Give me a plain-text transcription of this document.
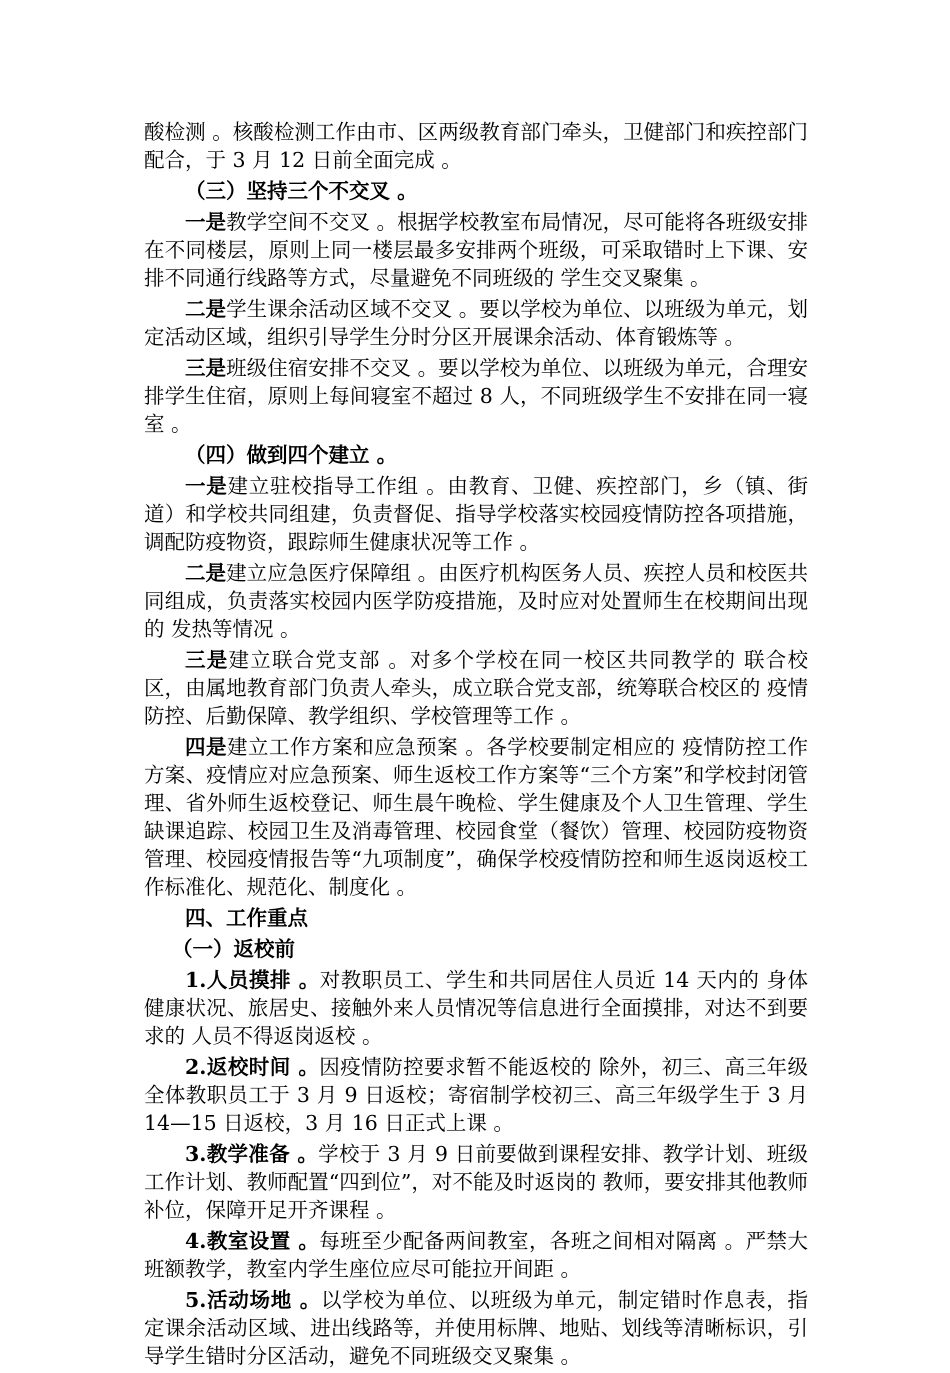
酸检测 。核酸检测工作由市、区两级教育部门牵头，卫健部门和疾控部门配合，于 3 月 12 日前全面完成 。

（三）坚持三个不交叉 。

一是教学空间不交叉 。根据学校教室布局情况，尽可能将各班级安排在不同楼层，原则上同一楼层最多安排两个班级，可采取错时上下课、安排不同通行线路等方式，尽量避免不同班级的 学生交叉聚集 。

二是学生课余活动区域不交叉 。要以学校为单位、以班级为单元，划定活动区域，组织引导学生分时分区开展课余活动、体育锻炼等 。

三是班级住宿安排不交叉 。要以学校为单位、以班级为单元，合理安排学生住宿，原则上每间寝室不超过 8 人，不同班级学生不安排在同一寝室 。

（四）做到四个建立 。

一是建立驻校指导工作组 。由教育、卫健、疾控部门，乡（镇、街道）和学校共同组建，负责督促、指导学校落实校园疫情防控各项措施，调配防疫物资，跟踪师生健康状况等工作 。

二是建立应急医疗保障组 。由医疗机构医务人员、疾控人员和校医共同组成，负责落实校园内医学防疫措施，及时应对处置师生在校期间出现的 发热等情况 。

三是建立联合党支部 。对多个学校在同一校区共同教学的 联合校区，由属地教育部门负责人牵头，成立联合党支部，统筹联合校区的 疫情防控、后勤保障、教学组织、学校管理等工作 。

四是建立工作方案和应急预案 。各学校要制定相应的 疫情防控工作方案、疫情应对应急预案、师生返校工作方案等“三个方案”和学校封闭管理、省外师生返校登记、师生晨午晚检、学生健康及个人卫生管理、学生缺课追踪、校园卫生及消毒管理、校园食堂（餐饮）管理、校园防疫物资管理、校园疫情报告等“九项制度”，确保学校疫情防控和师生返岗返校工作标准化、规范化、制度化 。

四、工作重点

（一）返校前

1.人员摸排 。对教职员工、学生和共同居住人员近 14 天内的 身体健康状况、旅居史、接触外来人员情况等信息进行全面摸排，对达不到要求的 人员不得返岗返校 。

2.返校时间 。因疫情防控要求暂不能返校的 除外，初三、高三年级全体教职员工于 3 月 9 日返校；寄宿制学校初三、高三年级学生于 3 月 14—15 日返校，3 月 16 日正式上课 。

3.教学准备 。学校于 3 月 9 日前要做到课程安排、教学计划、班级工作计划、教师配置“四到位”，对不能及时返岗的 教师，要安排其他教师补位，保障开足开齐课程 。

4.教室设置 。每班至少配备两间教室，各班之间相对隔离 。严禁大班额教学，教室内学生座位应尽可能拉开间距 。

5.活动场地 。以学校为单位、以班级为单元，制定错时作息表，指定课余活动区域、进出线路等，并使用标牌、地贴、划线等清晰标识，引导学生错时分区活动，避免不同班级交叉聚集 。
